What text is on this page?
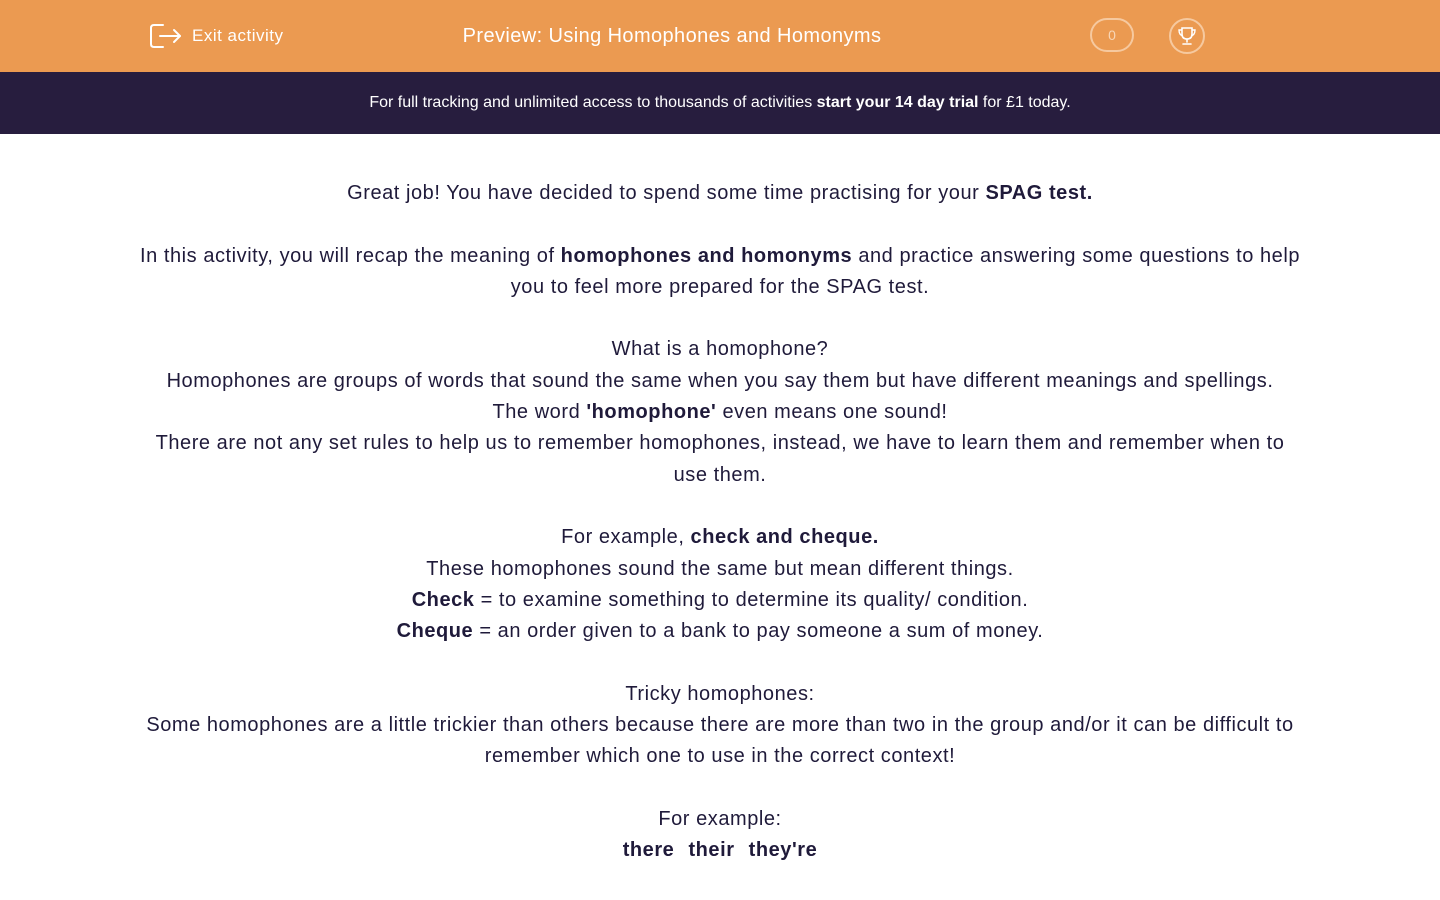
Exit activity	Preview: Using Homophones and Homonyms	0
For full tracking and unlimited access to thousands of activities start your 14 day trial for £1 today.

Great job! You have decided to spend some time practising for your SPAG test.

In this activity, you will recap the meaning of homophones and homonyms and practice answering some questions to help you to feel more prepared for the SPAG test.

What is a homophone?

Homophones are groups of words that sound the same when you say them but have different meanings and spellings.

The word 'homophone' even means one sound!

There are not any set rules to help us to remember homophones, instead, we have to learn them and remember when to use them.

For example, check and cheque.

These homophones sound the same but mean different things.

Check = to examine something to determine its quality/ condition.

Cheque = an order given to a bank to pay someone a sum of money.

Tricky homophones:

Some homophones are a little trickier than others because there are more than two in the group and/or it can be difficult to remember which one to use in the correct context!

For example:

there their they're
